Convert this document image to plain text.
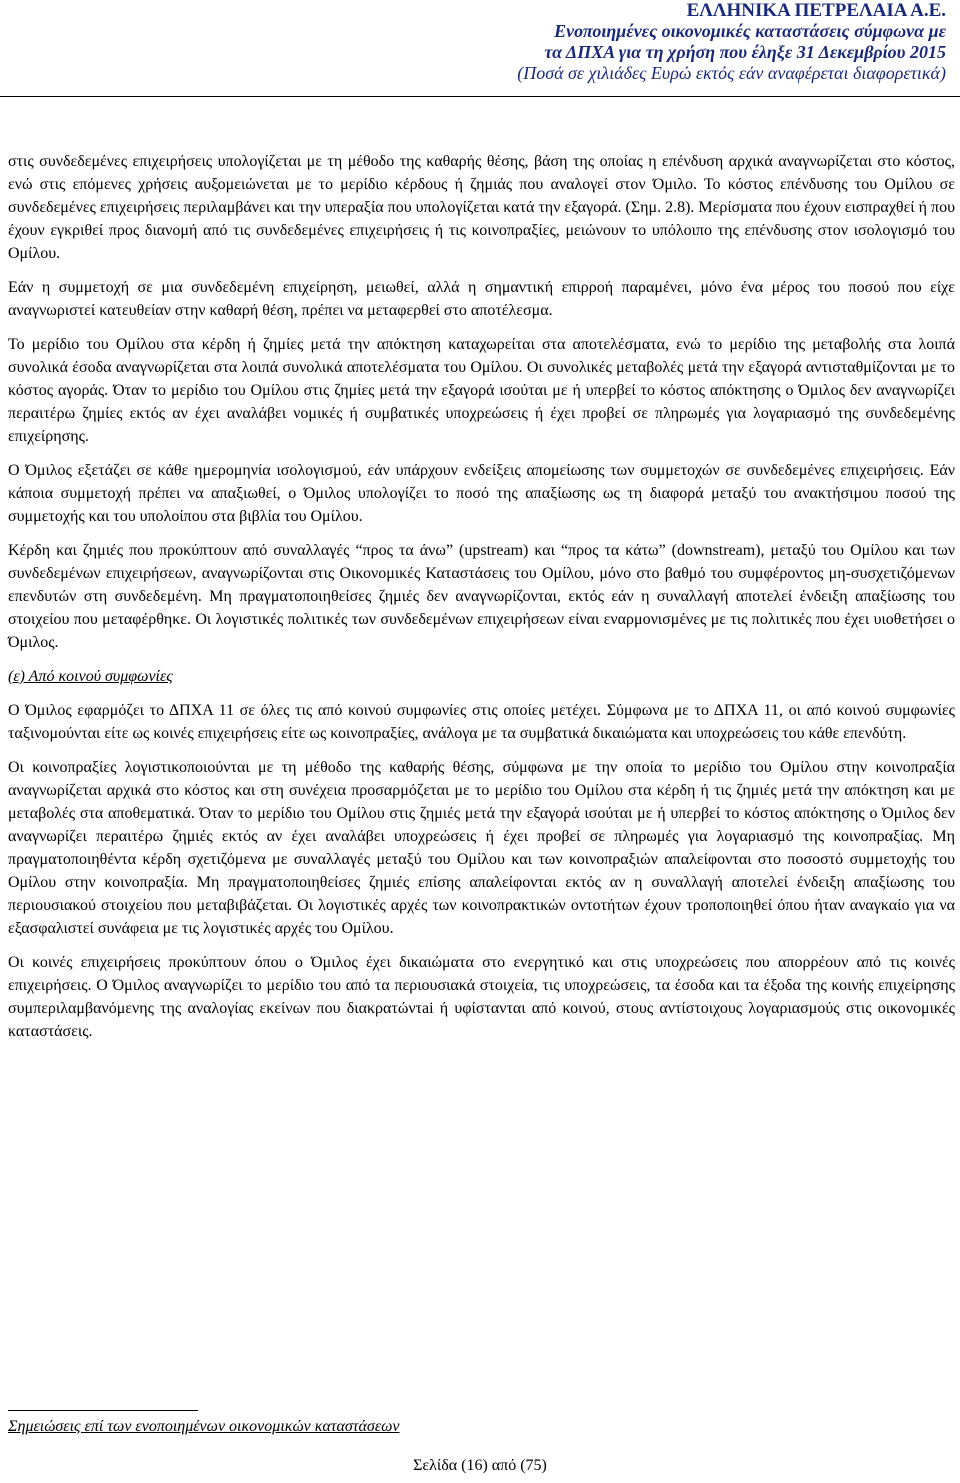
ΕΛΛΗΝΙΚΑ ΠΕΤΡΕΛΑΙΑ Α.Ε.
Ενοποιημένες οικονομικές καταστάσεις σύμφωνα με
τα ΔΠΧΑ για τη χρήση που έληξε 31 Δεκεμβρίου 2015
(Ποσά σε χιλιάδες Ευρώ εκτός εάν αναφέρεται διαφορετικά)

στις συνδεδεμένες επιχειρήσεις υπολογίζεται με τη μέθοδο της καθαρής θέσης, βάση της οποίας η επένδυση αρχικά αναγνωρίζεται στο κόστος, ενώ στις επόμενες χρήσεις αυξομειώνεται με το μερίδιο κέρδους ή ζημιάς που αναλογεί στον Όμιλο. Το κόστος επένδυσης του Ομίλου σε συνδεδεμένες επιχειρήσεις περιλαμβάνει και την υπεραξία που υπολογίζεται κατά την εξαγορά. (Σημ. 2.8). Μερίσματα που έχουν εισπραχθεί ή που έχουν εγκριθεί προς διανομή από τις συνδεδεμένες επιχειρήσεις ή τις κοινοπραξίες, μειώνουν το υπόλοιπο της επένδυσης στον ισολογισμό του Ομίλου.

Εάν η συμμετοχή σε μια συνδεδεμένη επιχείρηση, μειωθεί, αλλά η σημαντική επιρροή παραμένει, μόνο ένα μέρος του ποσού που είχε αναγνωριστεί κατευθείαν στην καθαρή θέση, πρέπει να μεταφερθεί στο αποτέλεσμα.

Το μερίδιο του Ομίλου στα κέρδη ή ζημίες μετά την απόκτηση καταχωρείται στα αποτελέσματα, ενώ το μερίδιο της μεταβολής στα λοιπά συνολικά έσοδα αναγνωρίζεται στα λοιπά συνολικά αποτελέσματα του Ομίλου. Οι συνολικές μεταβολές μετά την εξαγορά αντισταθμίζονται με το κόστος αγοράς. Όταν το μερίδιο του Ομίλου στις ζημίες μετά την εξαγορά ισούται με ή υπερβεί το κόστος απόκτησης ο Όμιλος δεν αναγνωρίζει περαιτέρω ζημίες εκτός αν έχει αναλάβει νομικές ή συμβατικές υποχρεώσεις ή έχει προβεί σε πληρωμές για λογαριασμό της συνδεδεμένης επιχείρησης.

Ο Όμιλος εξετάζει σε κάθε ημερομηνία ισολογισμού, εάν υπάρχουν ενδείξεις απομείωσης των συμμετοχών σε συνδεδεμένες επιχειρήσεις. Εάν κάποια συμμετοχή πρέπει να απαξιωθεί, ο Όμιλος υπολογίζει το ποσό της απαξίωσης ως τη διαφορά μεταξύ του ανακτήσιμου ποσού της συμμετοχής και του υπολοίπου στα βιβλία του Ομίλου.

Κέρδη και ζημιές που προκύπτουν από συναλλαγές “προς τα άνω” (upstream) και “προς τα κάτω” (downstream), μεταξύ του Ομίλου και των συνδεδεμένων επιχειρήσεων, αναγνωρίζονται στις Οικονομικές Καταστάσεις του Ομίλου, μόνο στο βαθμό του συμφέροντος μη-συσχετιζόμενων επενδυτών στη συνδεδεμένη. Μη πραγματοποιηθείσες ζημιές δεν αναγνωρίζονται, εκτός εάν η συναλλαγή αποτελεί ένδειξη απαξίωσης του στοιχείου που μεταφέρθηκε. Οι λογιστικές πολιτικές των συνδεδεμένων επιχειρήσεων είναι εναρμονισμένες με τις πολιτικές που έχει υιοθετήσει ο Όμιλος.

(ε) Από κοινού συμφωνίες

Ο Όμιλος εφαρμόζει το ΔΠΧΑ 11 σε όλες τις από κοινού συμφωνίες στις οποίες μετέχει. Σύμφωνα με το ΔΠΧΑ 11, οι από κοινού συμφωνίες ταξινομούνται είτε ως κοινές επιχειρήσεις είτε ως κοινοπραξίες, ανάλογα με τα συμβατικά δικαιώματα και υποχρεώσεις του κάθε επενδύτη.

Οι κοινοπραξίες λογιστικοποιούνται με τη μέθοδο της καθαρής θέσης, σύμφωνα με την οποία το μερίδιο του Ομίλου στην κοινοπραξία αναγνωρίζεται αρχικά στο κόστος και στη συνέχεια προσαρμόζεται με το μερίδιο του Ομίλου στα κέρδη ή τις ζημιές μετά την απόκτηση και με μεταβολές στα αποθεματικά. Όταν το μερίδιο του Ομίλου στις ζημιές μετά την εξαγορά ισούται με ή υπερβεί το κόστος απόκτησης ο Όμιλος δεν αναγνωρίζει περαιτέρω ζημιές εκτός αν έχει αναλάβει υποχρεώσεις ή έχει προβεί σε πληρωμές για λογαριασμό της κοινοπραξίας. Μη πραγματοποιηθέντα κέρδη σχετιζόμενα με συναλλαγές μεταξύ του Ομίλου και των κοινοπραξιών απαλείφονται στο ποσοστό συμμετοχής του Ομίλου στην κοινοπραξία. Μη πραγματοποιηθείσες ζημιές επίσης απαλείφονται εκτός αν η συναλλαγή αποτελεί ένδειξη απαξίωσης του περιουσιακού στοιχείου που μεταβιβάζεται. Οι λογιστικές αρχές των κοινοπρακτικών οντοτήτων έχουν τροποποιηθεί όπου ήταν αναγκαίο για να εξασφαλιστεί συνάφεια με τις λογιστικές αρχές του Ομίλου.

Οι κοινές επιχειρήσεις προκύπτουν όπου ο Όμιλος έχει δικαιώματα στο ενεργητικό και στις υποχρεώσεις που απορρέουν από τις κοινές επιχειρήσεις. Ο Όμιλος αναγνωρίζει το μερίδιο του από τα περιουσιακά στοιχεία, τις υποχρεώσεις, τα έσοδα και τα έξοδα της κοινής επιχείρησης συμπεριλαμβανόμενης της αναλογίας εκείνων που διακρατώντai ή υφίστανται από κοινού, στους αντίστοιχους λογαριασμούς στις οικονομικές καταστάσεις.

Σημειώσεις επί των ενοποιημένων οικονομικών καταστάσεων
Σελίδα (16) από (75)
